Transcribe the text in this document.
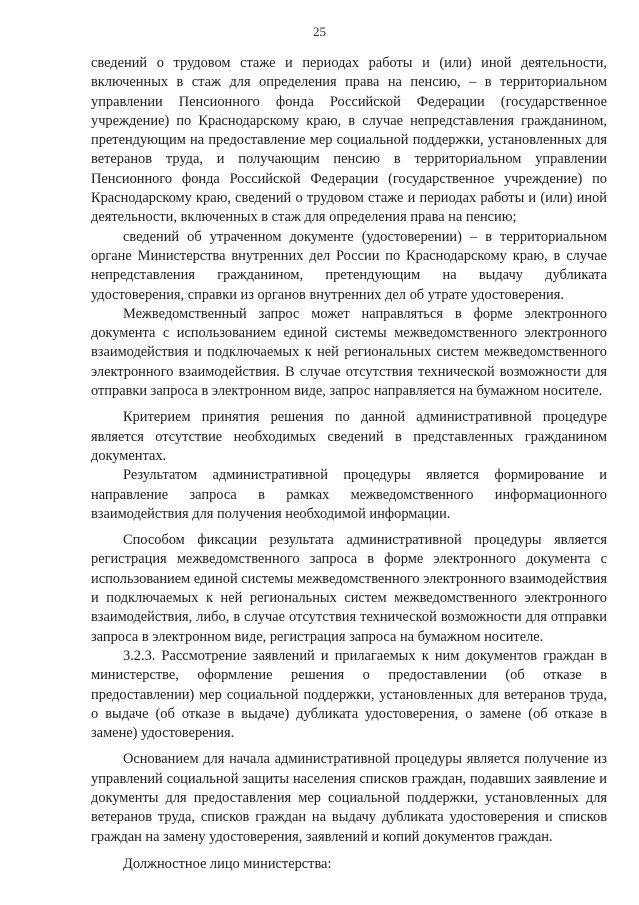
25

сведений о трудовом стаже и периодах работы и (или) иной деятельности, включенных в стаж для определения права на пенсию, – в территориальном управлении Пенсионного фонда Российской Федерации (государственное учреждение) по Краснодарскому краю, в случае непредставления гражданином, претендующим на предоставление мер социальной поддержки, установленных для ветеранов труда, и получающим пенсию в территориальном управлении Пенсионного фонда Российской Федерации (государственное учреждение) по Краснодарскому краю, сведений о трудовом стаже и периодах работы и (или) иной деятельности, включенных в стаж для определения права на пенсию;

сведений об утраченном документе (удостоверении) – в территориальном органе Министерства внутренних дел России по Краснодарскому краю, в случае непредставления гражданином, претендующим на выдачу дубликата удостоверения, справки из органов внутренних дел об утрате удостоверения.

Межведомственный запрос может направляться в форме электронного документа с использованием единой системы межведомственного электронного взаимодействия и подключаемых к ней региональных систем межведомственного электронного взаимодействия. В случае отсутствия технической возможности для отправки запроса в электронном виде, запрос направляется на бумажном носителе.

Критерием принятия решения по данной административной процедуре является отсутствие необходимых сведений в представленных гражданином документах.

Результатом административной процедуры является формирование и направление запроса в рамках межведомственного информационного взаимодействия для получения необходимой информации.

Способом фиксации результата административной процедуры является регистрация межведомственного запроса в форме электронного документа с использованием единой системы межведомственного электронного взаимодействия и подключаемых к ней региональных систем межведомственного электронного взаимодействия, либо, в случае отсутствия технической возможности для отправки запроса в электронном виде, регистрация запроса на бумажном носителе.

3.2.3. Рассмотрение заявлений и прилагаемых к ним документов граждан в министерстве, оформление решения о предоставлении (об отказе в предоставлении) мер социальной поддержки, установленных для ветеранов труда, о выдаче (об отказе в выдаче) дубликата удостоверения, о замене (об отказе в замене) удостоверения.

Основанием для начала административной процедуры является получение из управлений социальной защиты населения списков граждан, подавших заявление и документы для предоставления мер социальной поддержки, установленных для ветеранов труда, списков граждан на выдачу дубликата удостоверения и списков граждан на замену удостоверения, заявлений и копий документов граждан.

Должностное лицо министерства:
